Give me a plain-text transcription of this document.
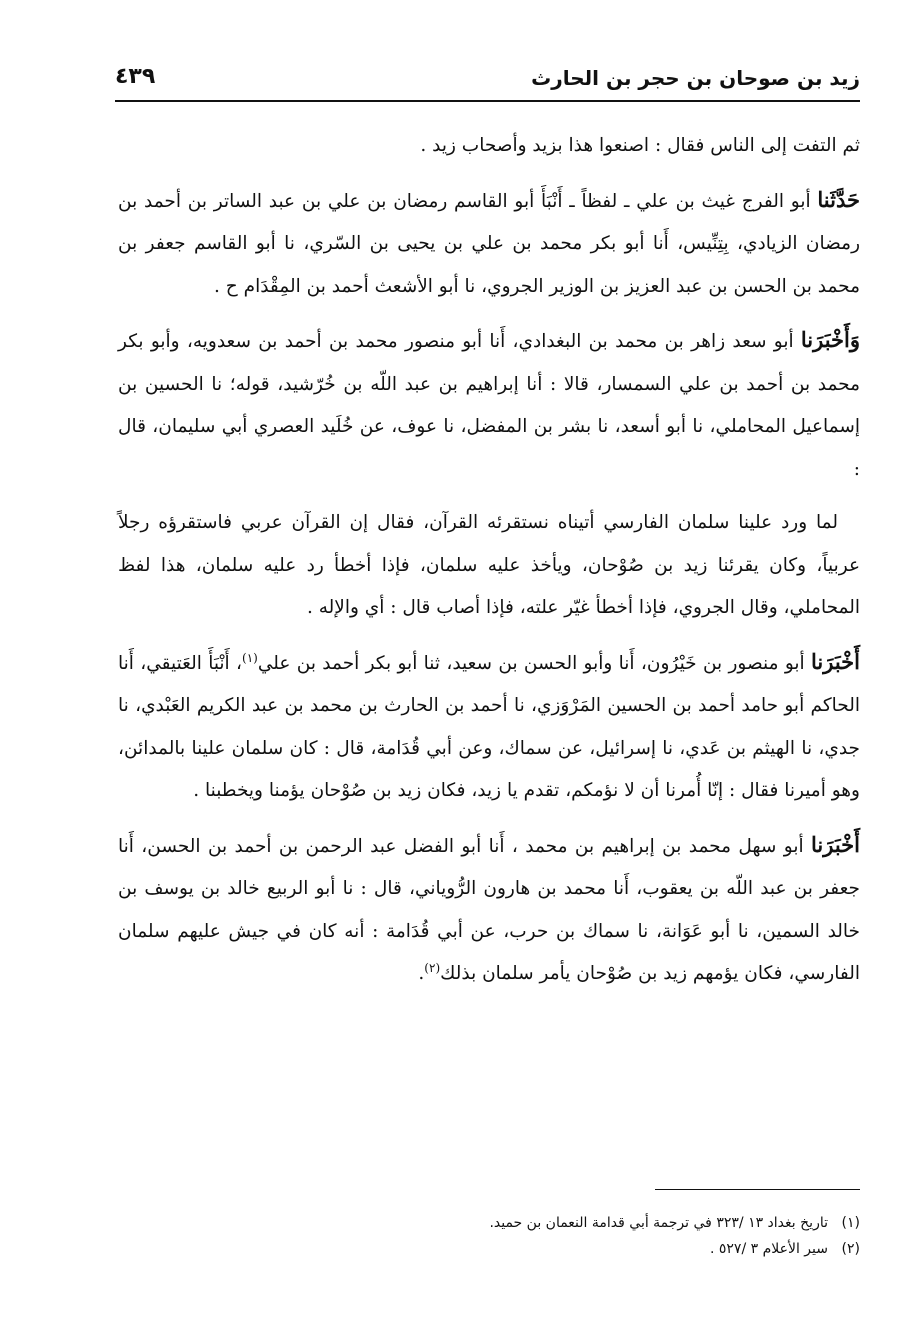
زيد بن صوحان بن حجر بن الحارث
٤٣٩

ثم التفت إلى الناس فقال : اصنعوا هذا بزيد وأصحاب زيد .

حَدَّثَنا أبو الفرج غيث بن علي ـ لفظاً ـ أَنْبَأَ أبو القاسم رمضان بن علي بن عبد الساتر بن أحمد بن رمضان الزيادي، بِتِنِّيس، أَنا أبو بكر محمد بن علي بن يحيى بن السّري، نا أبو القاسم جعفر بن محمد بن الحسن بن عبد العزيز بن الوزير الجروي، نا أبو الأشعث أحمد بن المِقْدَام ح .

وَأَخْبَرَنا أبو سعد زاهر بن محمد بن البغدادي، أَنا أبو منصور محمد بن أحمد بن سعدويه، وأبو بكر محمد بن أحمد بن علي السمسار، قالا : أنا إبراهيم بن عبد اللّه بن خُرّشيد، قوله؛ نا الحسين بن إسماعيل المحاملي، نا أبو أسعد، نا بشر بن المفضل، نا عوف، عن خُلَيد العصري أبي سليمان، قال :

لما ورد علينا سلمان الفارسي أتيناه نستقرئه القرآن، فقال إن القرآن عربي فاستقرؤه رجلاً عربياً، وكان يقرئنا زيد بن صُوْحان، ويأخذ عليه سلمان، فإذا أخطأ رد عليه سلمان، هذا لفظ المحاملي، وقال الجروي، فإذا أخطأ غيّر علته، فإذا أصاب قال : أي والإله .

أَخْبَرَنا أبو منصور بن خَيْرُون، أَنا وأبو الحسن بن سعيد، ثنا أبو بكر أحمد بن علي$^{(١)}$، أَنْبَأَ العَتيقي، أَنا الحاكم أبو حامد أحمد بن الحسين المَرْوَزي، نا أحمد بن الحارث بن محمد بن عبد الكريم العَبْدي، نا جدي، نا الهيثم بن عَدي، نا إسرائيل، عن سماك، وعن أبي قُدَامة، قال : كان سلمان علينا بالمدائن، وهو أميرنا فقال : إنّا أُمرنا أن لا نؤمكم، تقدم يا زيد، فكان زيد بن صُوْحان يؤمنا ويخطبنا .

أَخْبَرَنا أبو سهل محمد بن إبراهيم بن محمد ، أَنا أبو الفضل عبد الرحمن بن أحمد بن الحسن، أَنا جعفر بن عبد اللّه بن يعقوب، أَنا محمد بن هارون الرُّوياني، قال : نا أبو الربيع خالد بن يوسف بن خالد السمين، نا أبو عَوَانة، نا سماك بن حرب، عن أبي قُدَامة : أنه كان في جيش عليهم سلمان الفارسي، فكان يؤمهم زيد بن صُوْحان يأمر سلمان بذلك$^{(٢)}$.

(١)تاريخ بغداد ١٣ /٣٢٣ في ترجمة أبي قدامة النعمان بن حميد.

(٢)سير الأعلام ٣ /٥٢٧ .
